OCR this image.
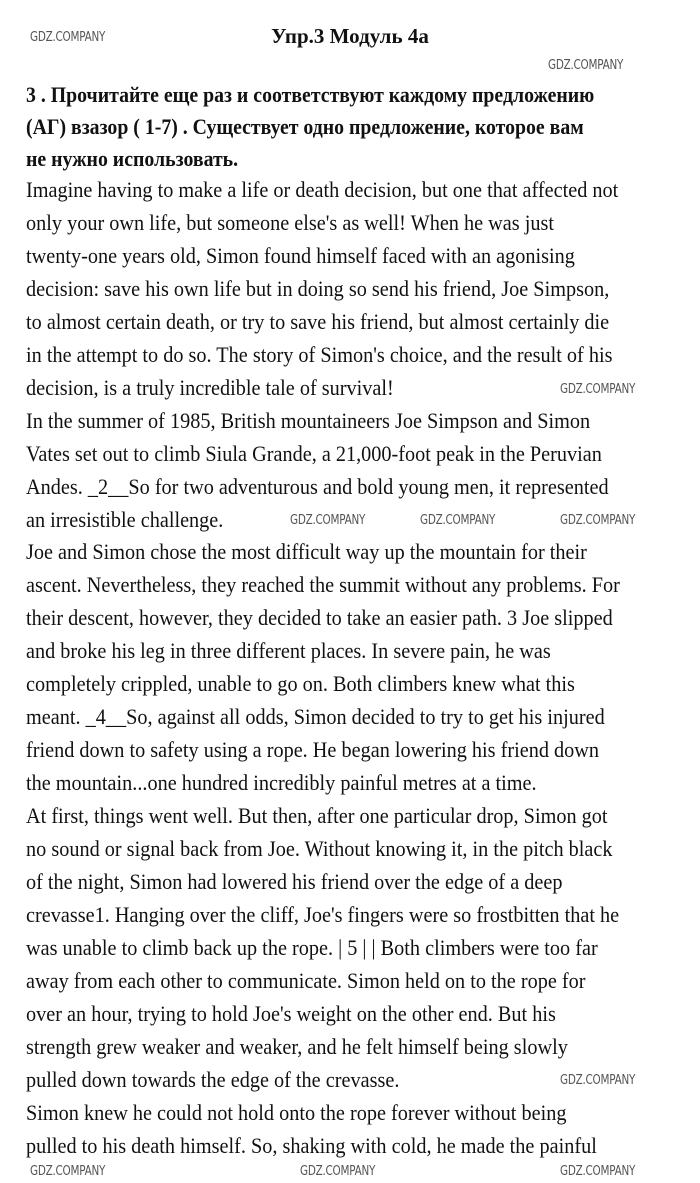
Упр.3 Модуль 4а
3 . Прочитайте еще раз и соответствуют каждому предложению
(АГ) взазор ( 1-7) . Существует одно предложение, которое вам
не нужно использовать.
Imagine having to make a life or death decision, but one that affected not
only your own life, but someone else's as well! When he was just
twenty-one years old, Simon found himself faced with an agonising
decision: save his own life but in doing so send his friend, Joe Simpson,
to almost certain death, or try to save his friend, but almost certainly die
in the attempt to do so. The story of Simon's choice, and the result of his
decision, is a truly incredible tale of survival!
In the summer of 1985, British mountaineers Joe Simpson and Simon
Vates set out to climb Siula Grande, a 21,000-foot peak in the Peruvian
Andes. _2__So for two adventurous and bold young men, it represented
an irresistible challenge.
Joe and Simon chose the most difficult way up the mountain for their
ascent. Nevertheless, they reached the summit without any problems. For
their descent, however, they decided to take an easier path. 3 Joe slipped
and broke his leg in three different places. In severe pain, he was
completely crippled, unable to go on. Both climbers knew what this
meant. _4__So, against all odds, Simon decided to try to get his injured
friend down to safety using a rope. He began lowering his friend down
the mountain...one hundred incredibly painful metres at a time.
At first, things went well. But then, after one particular drop, Simon got
no sound or signal back from Joe. Without knowing it, in the pitch black
of the night, Simon had lowered his friend over the edge of a deep
crevasse1. Hanging over the cliff, Joe's fingers were so frostbitten that he
was unable to climb back up the rope. | 5 | | Both climbers were too far
away from each other to communicate. Simon held on to the rope for
over an hour, trying to hold Joe's weight on the other end. But his
strength grew weaker and weaker, and he felt himself being slowly
pulled down towards the edge of the crevasse.
Simon knew he could not hold onto the rope forever without being
pulled to his death himself. So, shaking with cold, he made the painful
GDZ.COMPANY
GDZ.COMPANY
GDZ.COMPANY
GDZ.COMPANY	GDZ.COMPANY	GDZ.COMPANY
GDZ.COMPANY
GDZ.COMPANY	GDZ.COMPANY	GDZ.COMPANY
